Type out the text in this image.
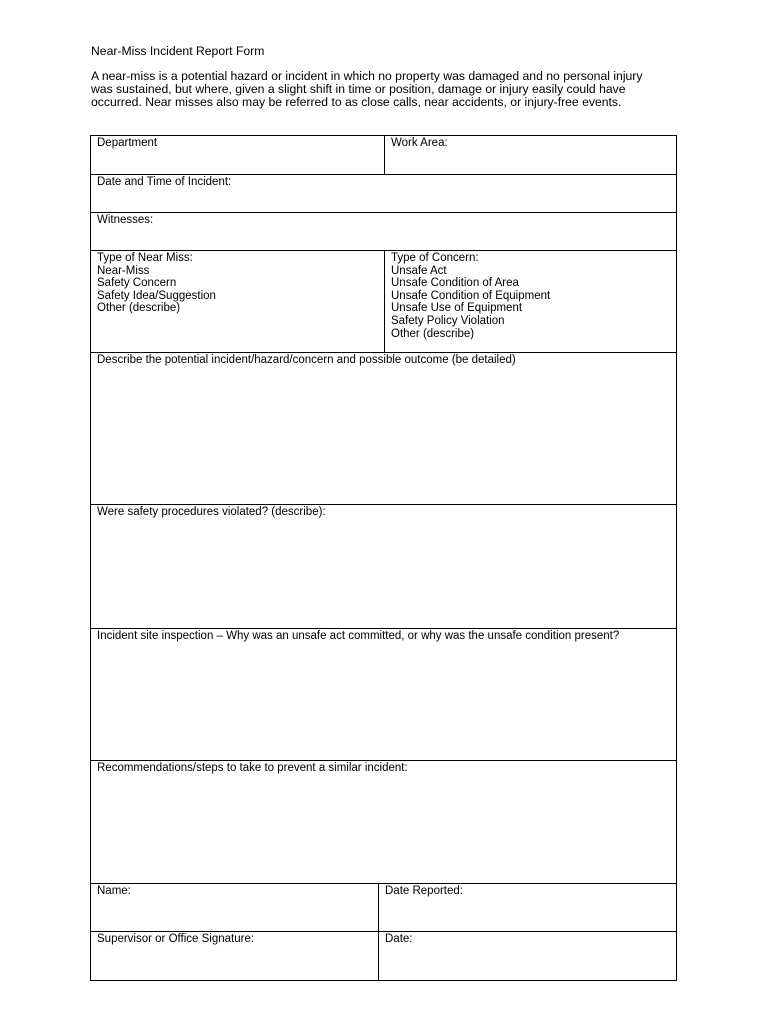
Near-Miss Incident Report Form
A near-miss is a potential hazard or incident in which no property was damaged and no personal injury
was sustained, but where, given a slight shift in time or position, damage or injury easily could have
occurred. Near misses also may be referred to as close calls, near accidents, or injury-free events.
Department	Work Area:
Date and Time of Incident:
Witnesses:
Type of Near Miss:
Near-Miss
Safety Concern
Safety Idea/Suggestion
Other (describe)
Type of Concern:
Unsafe Act
Unsafe Condition of Area
Unsafe Condition of Equipment
Unsafe Use of Equipment
Safety Policy Violation
Other (describe)
Describe the potential incident/hazard/concern and possible outcome (be detailed)
Were safety procedures violated? (describe):
Incident site inspection – Why was an unsafe act committed, or why was the unsafe condition present?
Recommendations/steps to take to prevent a similar incident:
Name:	Date Reported:
Supervisor or Office Signature:	Date:
